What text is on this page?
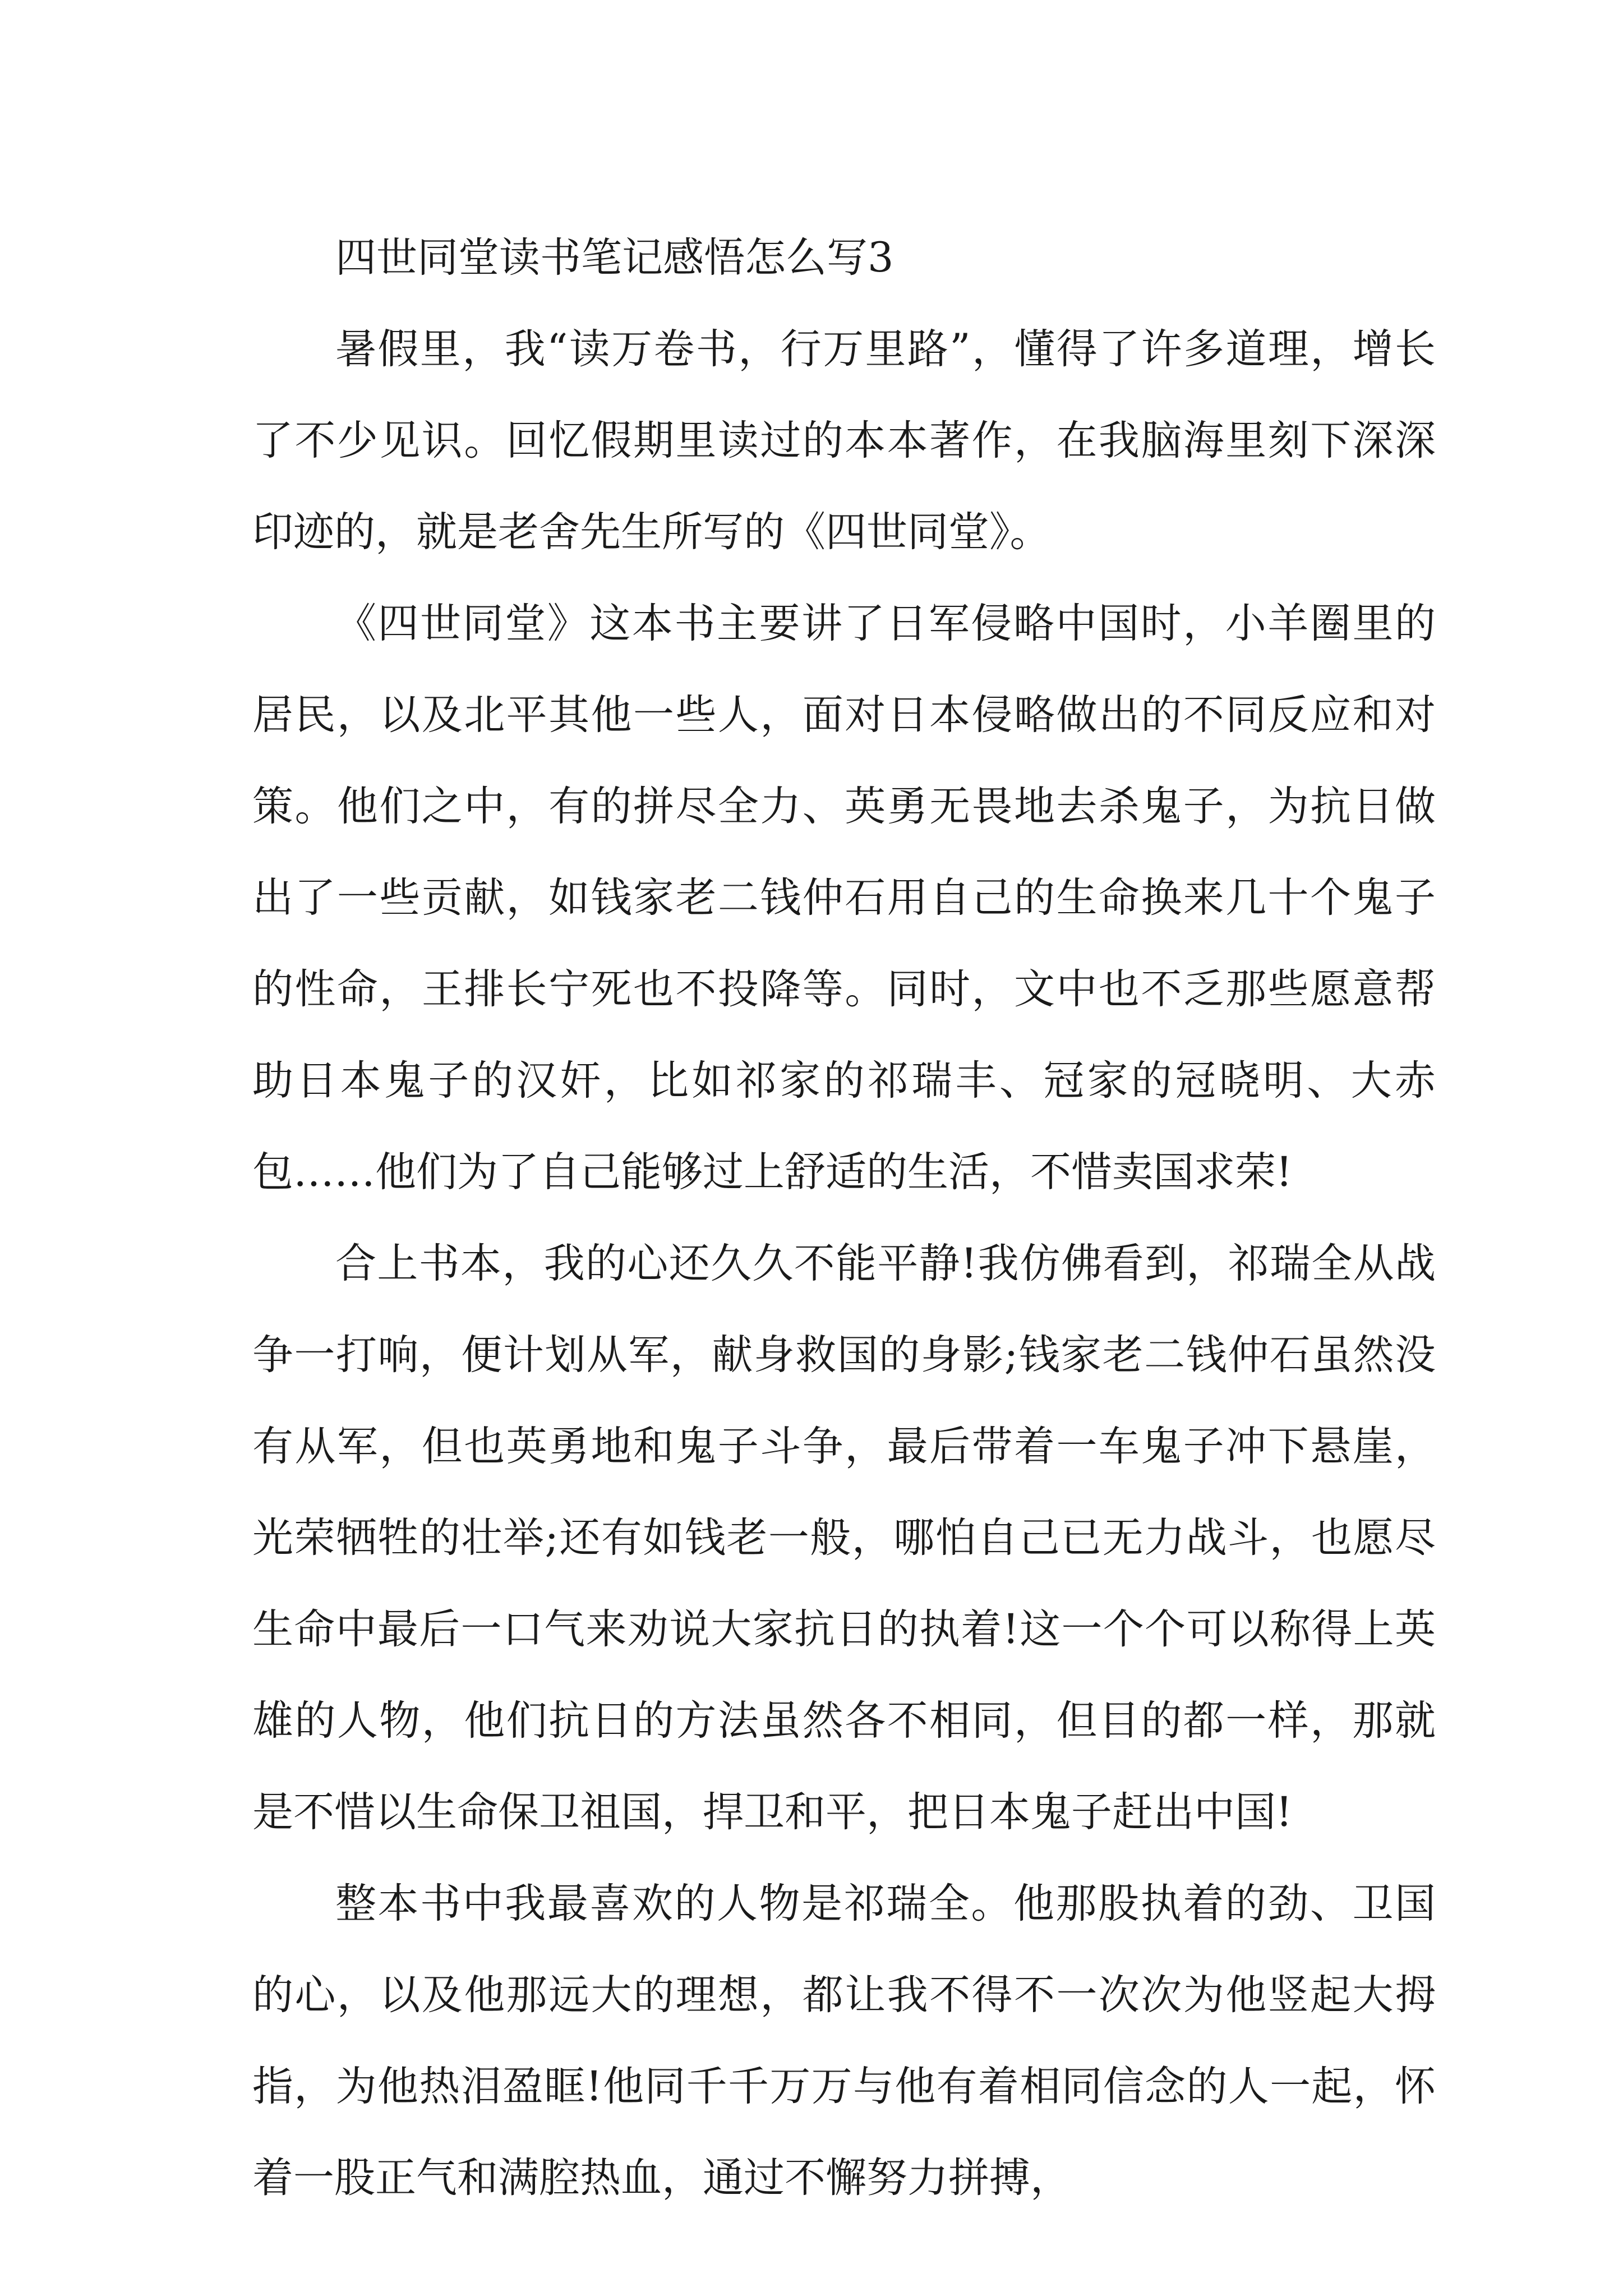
四世同堂读书笔记感悟怎么写3

暑假里，我“读万卷书，行万里路”，懂得了许多道理，增长了不少见识。回忆假期里读过的本本著作，在我脑海里刻下深深印迹的，就是老舍先生所写的《四世同堂》。

《四世同堂》这本书主要讲了日军侵略中国时，小羊圈里的居民，以及北平其他一些人，面对日本侵略做出的不同反应和对策。他们之中，有的拼尽全力、英勇无畏地去杀鬼子，为抗日做出了一些贡献，如钱家老二钱仲石用自己的生命换来几十个鬼子的性命，王排长宁死也不投降等。同时，文中也不乏那些愿意帮助日本鬼子的汉奸，比如祁家的祁瑞丰、冠家的冠晓明、大赤包……他们为了自己能够过上舒适的生活，不惜卖国求荣!

合上书本，我的心还久久不能平静!我仿佛看到，祁瑞全从战争一打响，便计划从军，献身救国的身影;钱家老二钱仲石虽然没有从军，但也英勇地和鬼子斗争，最后带着一车鬼子冲下悬崖，光荣牺牲的壮举;还有如钱老一般，哪怕自己已无力战斗，也愿尽生命中最后一口气来劝说大家抗日的执着!这一个个可以称得上英雄的人物，他们抗日的方法虽然各不相同，但目的都一样，那就是不惜以生命保卫祖国，捍卫和平，把日本鬼子赶出中国!

整本书中我最喜欢的人物是祁瑞全。他那股执着的劲、卫国的心，以及他那远大的理想，都让我不得不一次次为他竖起大拇指，为他热泪盈眶!他同千千万万与他有着相同信念的人一起，怀着一股正气和满腔热血，通过不懈努力拼搏，
